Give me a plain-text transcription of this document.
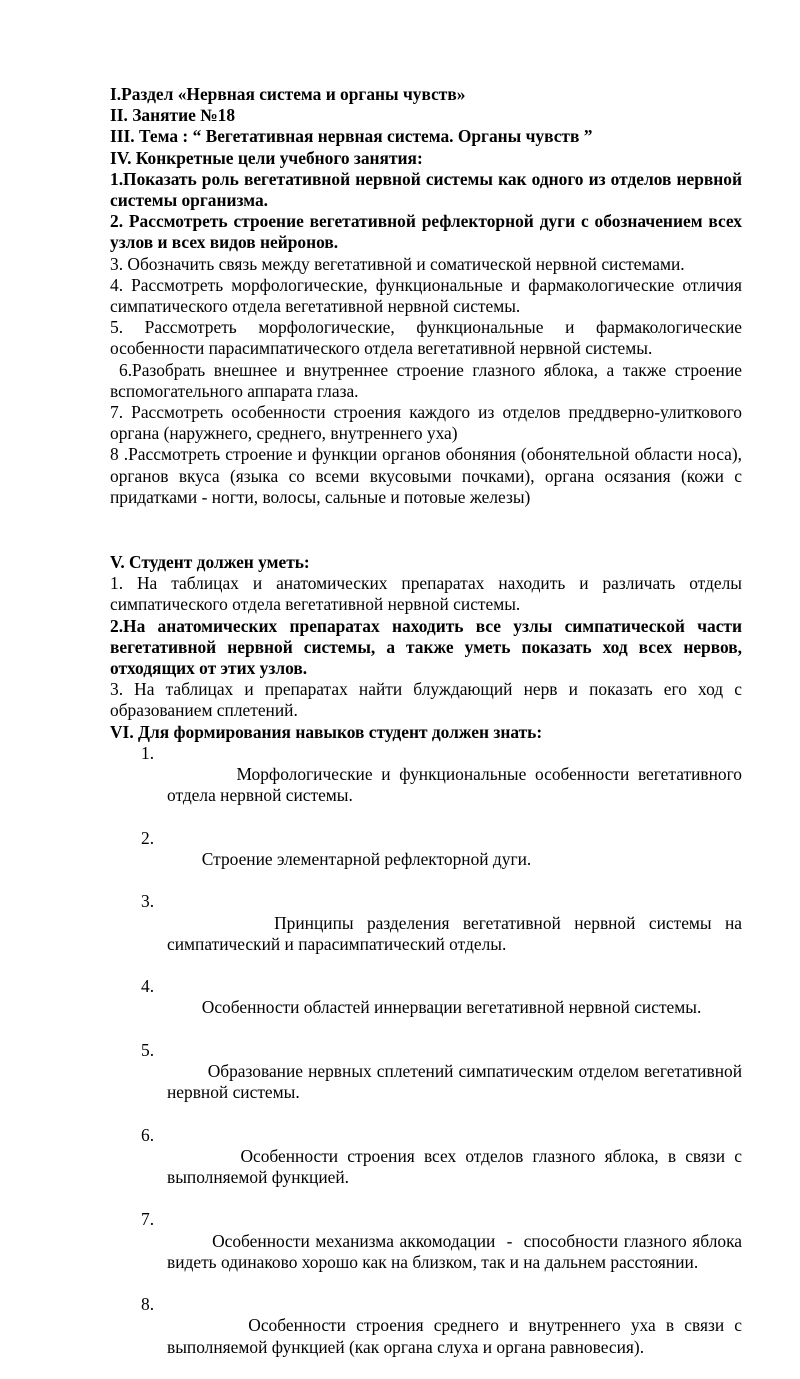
I.Раздел «Нервная система и органы чувств»

II. Занятие №18

III. Тема : “ Вегетативная нервная система. Органы чувств ”

IV. Конкретные цели учебного занятия:

1.Показать роль вегетативной нервной системы как одного из отделов нервной системы организма.

2. Рассмотреть строение вегетативной рефлекторной дуги с обозначением всех узлов и всех видов нейронов.

3. Обозначить связь между вегетативной и соматической нервной системами.

4. Рассмотреть морфологические, функциональные и фармакологические отличия симпатического отдела вегетативной нервной системы.

5. Рассмотреть морфологические, функциональные и фармакологические особенности парасимпатического отдела вегетативной нервной системы.

6.Разобрать внешнее и внутреннее строение глазного яблока, а также строение вспомогательного аппарата глаза.

7. Рассмотреть особенности строения каждого из отделов преддверно-улиткового  органа (наружнего, среднего, внутреннего уха)

8 .Рассмотреть строение и функции органов обоняния (обонятельной области носа), органов вкуса (языка со всеми вкусовыми почками), органа осязания (кожи с придатками - ногти, волосы, сальные и потовые железы)

V. Студент должен уметь:

1. На таблицах и анатомических препаратах находить и различать отделы симпатического отдела вегетативной нервной системы.

2.На анатомических препаратах находить все узлы симпатической части вегетативной нервной системы, а также уметь показать ход всех нервов, отходящих от этих узлов.

3. На таблицах и препаратах найти блуждающий нерв и показать его ход с образованием сплетений.

VI. Для формирования навыков студент должен знать:

1.
Морфологические и функциональные особенности вегетативного отдела нервной системы.

2.
Строение элементарной рефлекторной дуги.

3.
Принципы разделения вегетативной нервной системы на симпатический и парасимпатический отделы.

4.
Особенности областей иннервации вегетативной нервной системы.

5.
Образование нервных сплетений симпатическим отделом вегетативной нервной системы.

6.
Особенности строения всех отделов глазного яблока, в связи с выполняемой функцией.

7.
Особенности механизма аккомодации  -  способности глазного яблока видеть одинаково хорошо как на близком, так и на дальнем расстоянии.

8.
Особенности строения среднего и внутреннего уха в связи с выполняемой функцией (как органа слуха и органа равновесия).
